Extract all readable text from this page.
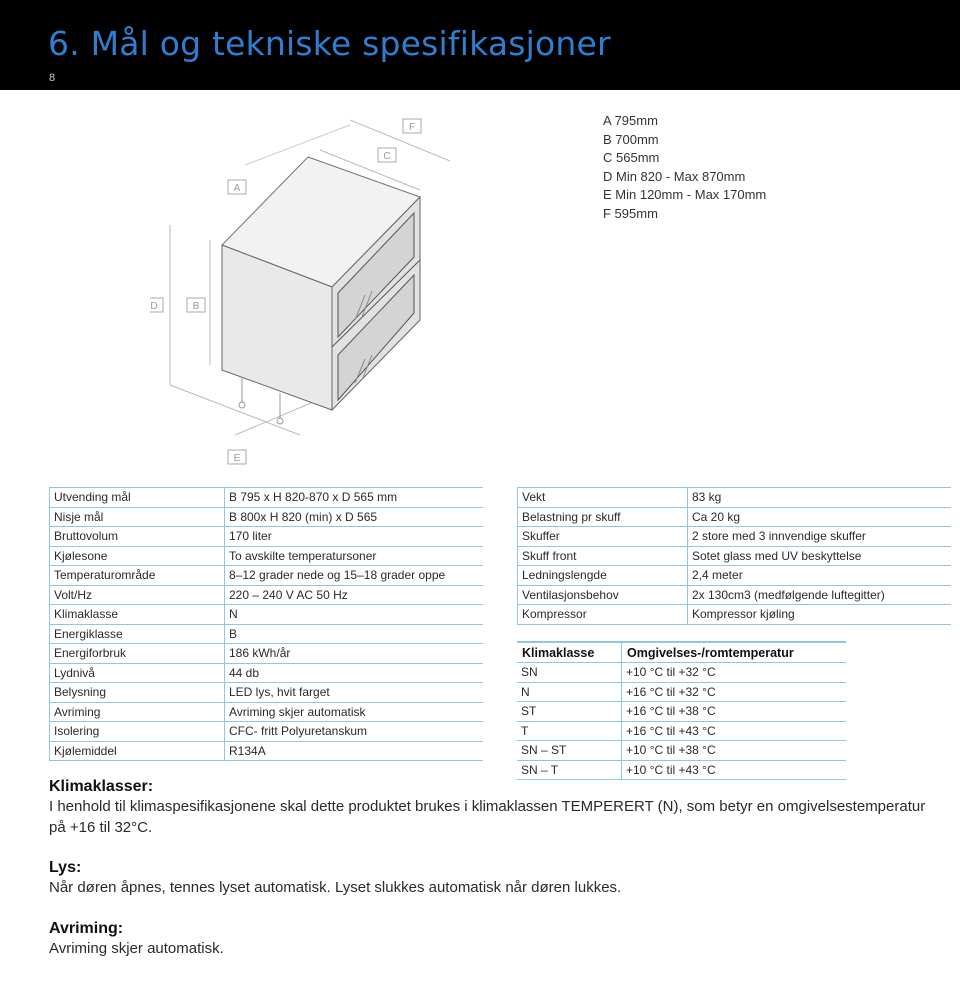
6. Mål og tekniske spesifikasjoner
8
F
C
A
D	B
E
A 795mm
B 700mm
C 565mm
D Min 820 - Max 870mm
E Min 120mm - Max 170mm
F 595mm
Utvending mål	B 795 x H 820-870 x D 565 mm
Nisje mål	B 800x H 820 (min) x D 565
Bruttovolum	170 liter
Kjølesone	To avskilte temperatursoner
Temperaturområde	8–12 grader nede og 15–18 grader oppe
Volt/Hz	220 – 240 V AC 50 Hz
Klimaklasse	N
Energiklasse	B
Energiforbruk	186 kWh/år
Lydnivå	44 db
Belysning	LED lys, hvit farget
Avriming	Avriming skjer automatisk
Isolering	CFC- fritt Polyuretanskum
Kjølemiddel	R134A
Vekt	83 kg
Belastning pr skuff	Ca 20 kg
Skuffer	2 store med 3 innvendige skuffer
Skuff front	Sotet glass med UV beskyttelse
Ledningslengde	2,4 meter
Ventilasjonsbehov	2x 130cm3 (medfølgende luftegitter)
Kompressor	Kompressor kjøling
Klimaklasse	Omgivelses-/romtemperatur
SN	+10 °C til +32 °C
N	+16 °C til +32 °C
ST	+16 °C til +38 °C
T	+16 °C til +43 °C
SN – ST	+10 °C til +38 °C
SN – T	+10 °C til +43 °C
Klimaklasser:

I henhold til klimaspesifikasjonene skal dette produktet brukes i klimaklassen TEMPERERT (N), som betyr en omgivelsestemperatur på +16 til 32°C.

Lys:

Når døren åpnes, tennes lyset automatisk. Lyset slukkes automatisk når døren lukkes.

Avriming:

Avriming skjer automatisk.
